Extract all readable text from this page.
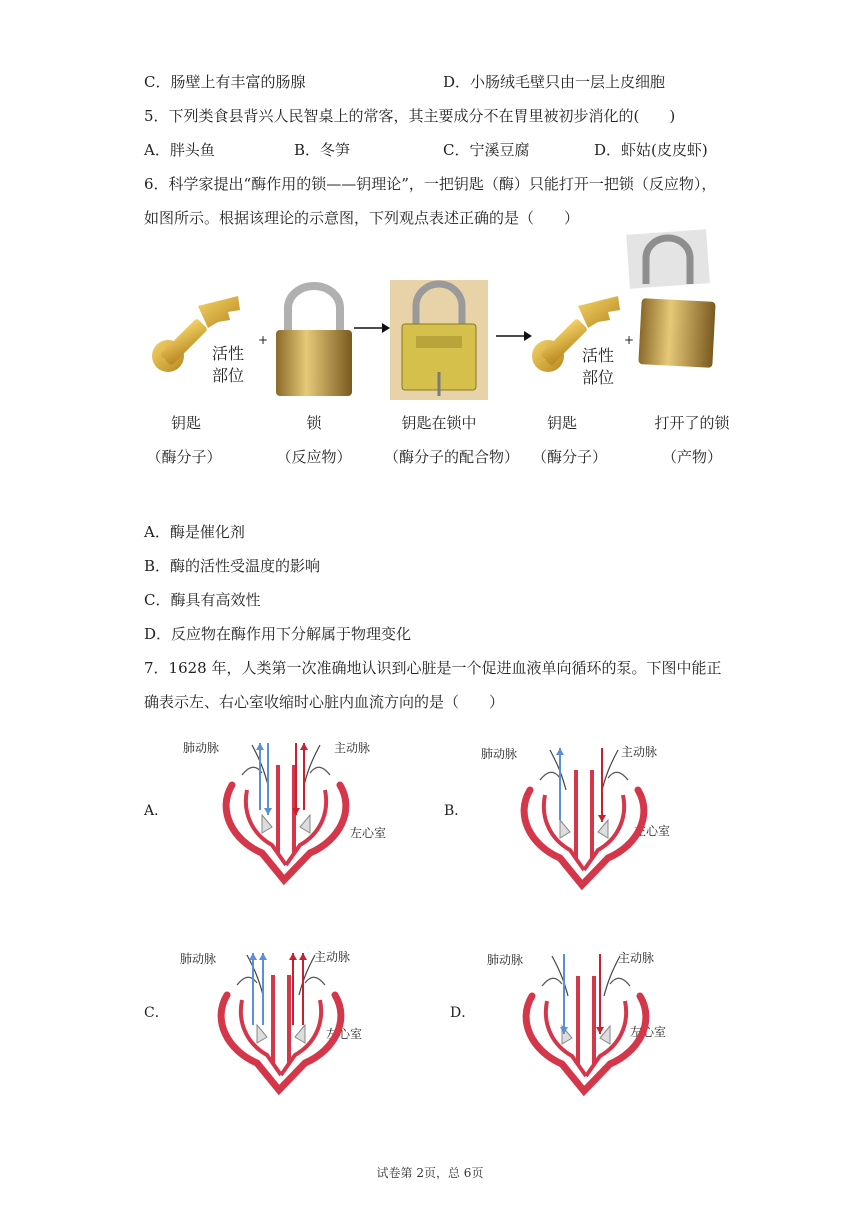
C．肠壁上有丰富的肠腺	D．小肠绒毛壁只由一层上皮细胞
5．下列类食县背兴人民智桌上的常客，其主要成分不在胃里被初步消化的(　　)
A．胖头鱼	B．冬笋	C．宁溪豆腐	D．虾姑(皮皮虾)
6．科学家提出“酶作用的锁——钥理论”，一把钥匙（酶）只能打开一把锁（反应物），
如图所示。根据该理论的示意图，下列观点表述正确的是（　　）
活性
部位
+
活性
部位
+
钥匙
（酶分子）
锁
（反应物）
钥匙在锁中
（酶分子的配合物）
钥匙
（酶分子）
打开了的锁
（产物）
A．酶是催化剂
B．酶的活性受温度的影响
C．酶具有高效性
D．反应物在酶作用下分解属于物理变化
7．1628 年，人类第一次准确地认识到心脏是一个促进血液单向循环的泵。下图中能正
确表示左、右心室收缩时心脏内血流方向的是（　　）
A．
肺动脉	主动脉
左心室
B．
肺动脉	主动脉
左心室
C．
肺动脉	主动脉
左心室
D．
肺动脉	主动脉
左心室
试卷第 2页，总 6页
